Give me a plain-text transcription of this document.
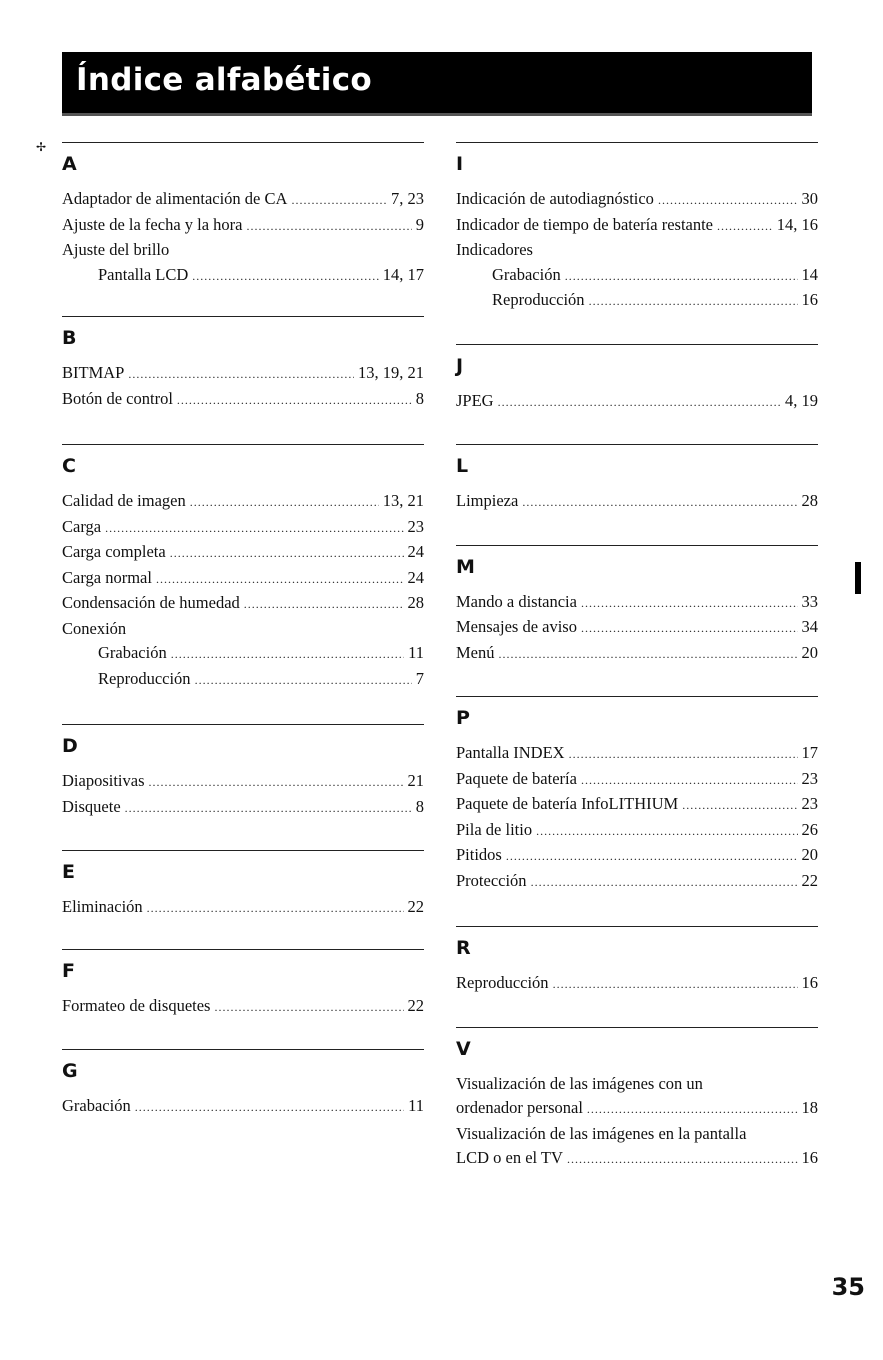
Índice alfabético
✢
A
Adaptador de alimentación de CA .....	7, 23
Ajuste de la fecha y la hora .....	9
Ajuste del brillo
Pantalla LCD .....	14, 17
B
BITMAP .....	13, 19, 21
Botón de control .....	8
C
Calidad de imagen .....	13, 21
Carga .....	23
Carga completa .....	24
Carga normal .....	24
Condensación de humedad .....	28
Conexión
Grabación .....	11
Reproducción .....	7
D
Diapositivas .....	21
Disquete .....	8
E
Eliminación .....	22
F
Formateo de disquetes .....	22
G
Grabación .....	11
I
Indicación de autodiagnóstico .....	30
Indicador de tiempo de batería restante .....	14, 16
Indicadores
Grabación .....	14
Reproducción .....	16
J
JPEG .....	4, 19
L
Limpieza .....	28
M
Mando a distancia .....	33
Mensajes de aviso .....	34
Menú .....	20
P
Pantalla INDEX .....	17
Paquete de batería .....	23
Paquete de batería InfoLITHIUM .....	23
Pila de litio .....	26
Pitidos .....	20
Protección .....	22
R
Reproducción .....	16
V
Visualización de las imágenes con un
ordenador personal .....	18
Visualización de las imágenes en la pantalla
LCD o en el TV .....	16
35
